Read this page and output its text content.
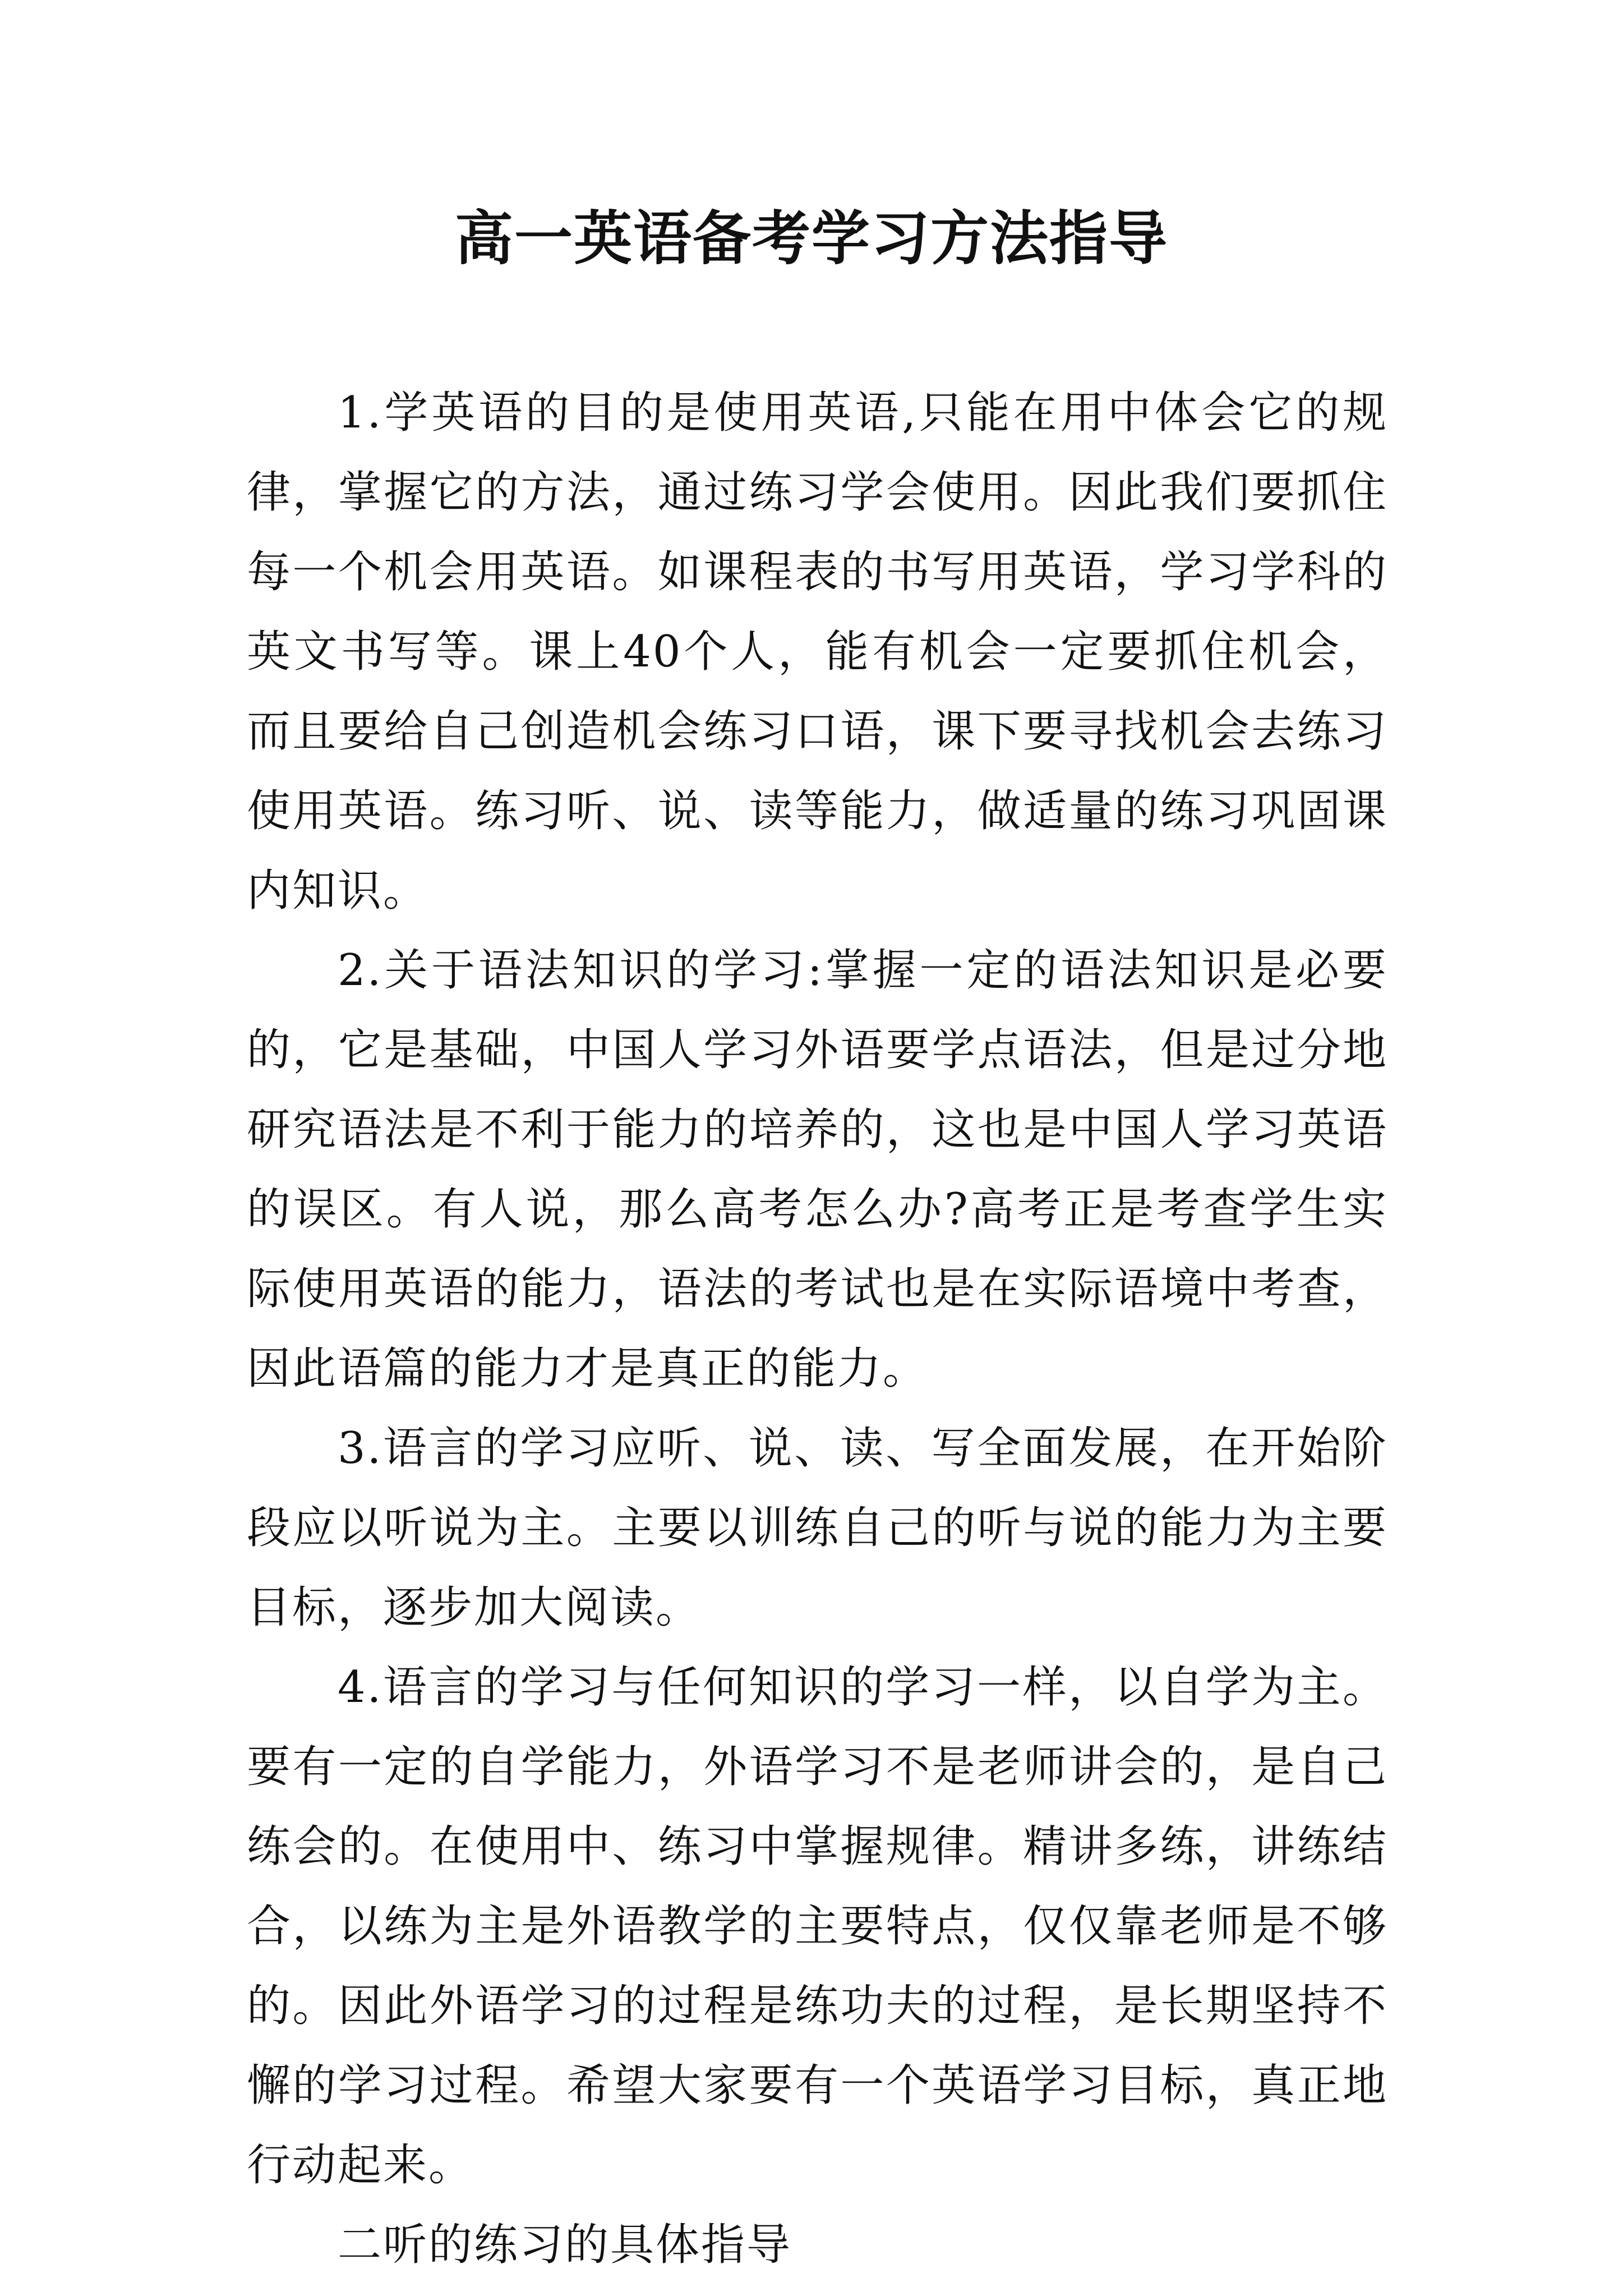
高一英语备考学习方法指导

1.学英语的目的是使用英语,只能在用中体会它的规律，掌握它的方法，通过练习学会使用。因此我们要抓住每一个机会用英语。如课程表的书写用英语，学习学科的英文书写等。课上40个人，能有机会一定要抓住机会，而且要给自己创造机会练习口语，课下要寻找机会去练习使用英语。练习听、说、读等能力，做适量的练习巩固课内知识。

2.关于语法知识的学习:掌握一定的语法知识是必要的，它是基础，中国人学习外语要学点语法，但是过分地研究语法是不利于能力的培养的，这也是中国人学习英语的误区。有人说，那么高考怎么办?高考正是考查学生实际使用英语的能力，语法的考试也是在实际语境中考查，因此语篇的能力才是真正的能力。

3.语言的学习应听、说、读、写全面发展，在开始阶段应以听说为主。主要以训练自己的听与说的能力为主要目标，逐步加大阅读。

4.语言的学习与任何知识的学习一样，以自学为主。要有一定的自学能力，外语学习不是老师讲会的，是自己练会的。在使用中、练习中掌握规律。精讲多练，讲练结合，以练为主是外语教学的主要特点，仅仅靠老师是不够的。因此外语学习的过程是练功夫的过程，是长期坚持不懈的学习过程。希望大家要有一个英语学习目标，真正地行动起来。

二听的练习的具体指导
